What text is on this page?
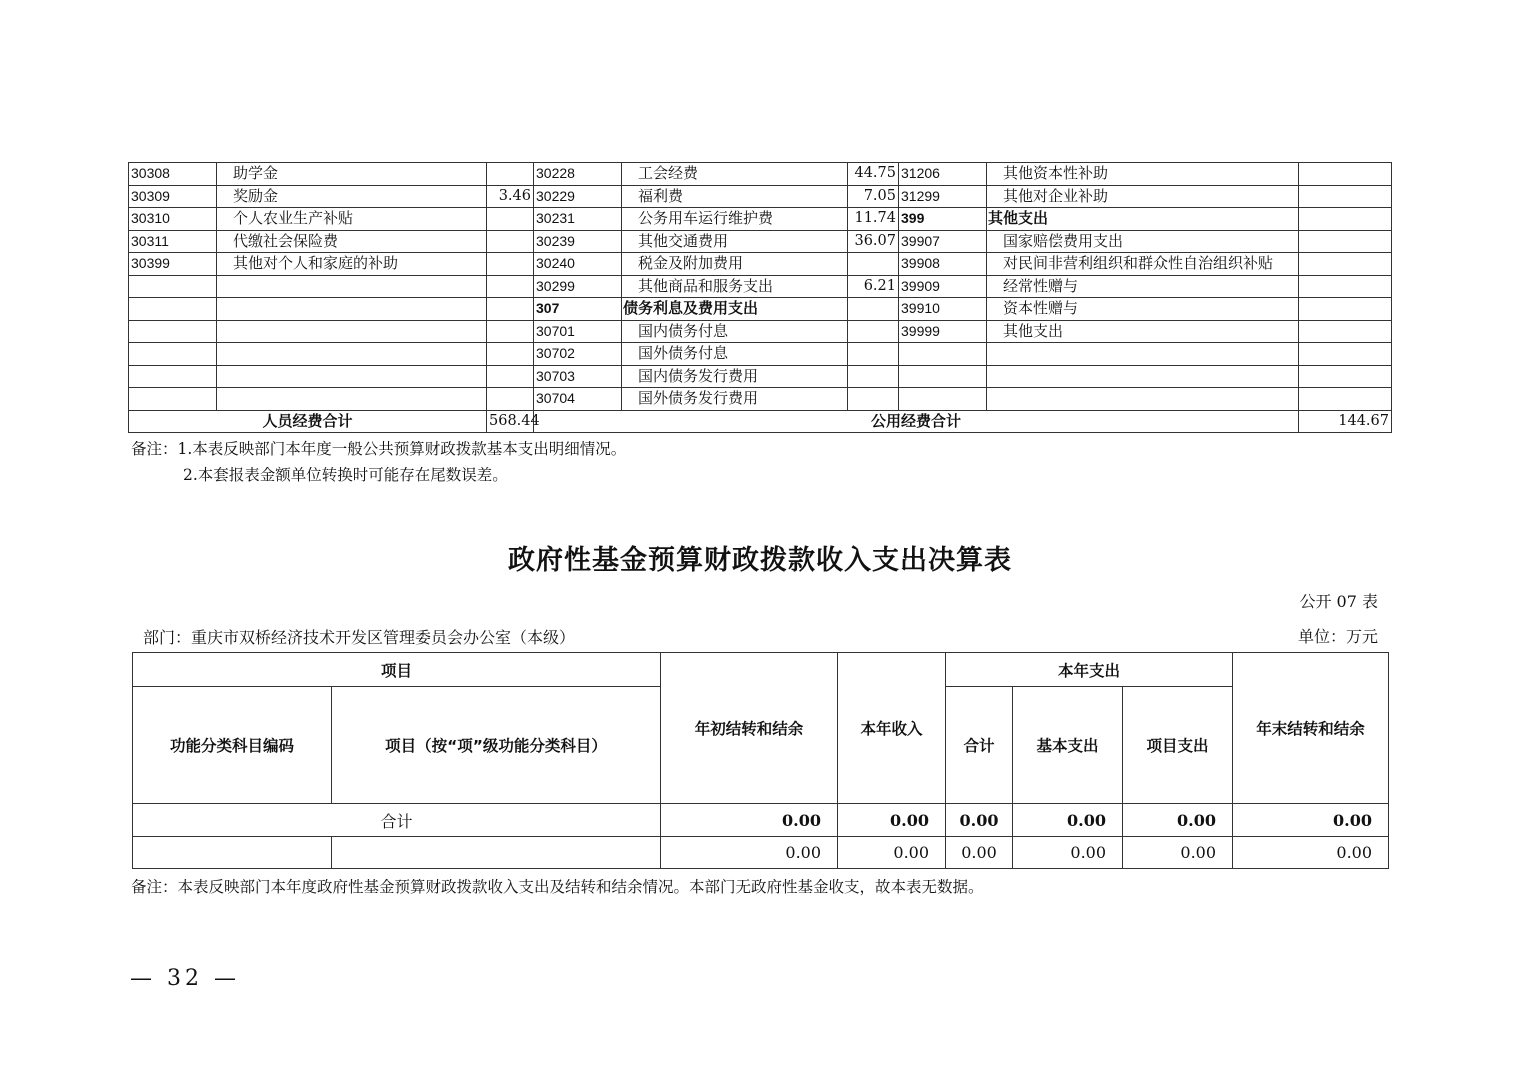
30308	助学金		30228	工会经费	44.75	31206	其他资本性补助	
30309	奖励金	3.46	30229	福利费	7.05	31299	其他对企业补助	
30310	个人农业生产补贴		30231	公务用车运行维护费	11.74	399	其他支出	
30311	代缴社会保险费		30239	其他交通费用	36.07	39907	国家赔偿费用支出	
30399	其他对个人和家庭的补助		30240	税金及附加费用		39908	对民间非营利组织和群众性自治组织补贴	
			30299	其他商品和服务支出	6.21	39909	经常性赠与	
			307	债务利息及费用支出		39910	资本性赠与	
			30701	国内债务付息		39999	其他支出	
			30702	国外债务付息				
			30703	国内债务发行费用				
			30704	国外债务发行费用				
人员经费合计		568.44	公用经费合计					144.67
备注：1.本表反映部门本年度一般公共预算财政拨款基本支出明细情况。
2.本套报表金额单位转换时可能存在尾数误差。
政府性基金预算财政拨款收入支出决算表
公开 07 表
部门：重庆市双桥经济技术开发区管理委员会办公室（本级）	单位：万元
项目		年初结转和结余	本年收入	本年支出			年末结转和结余
功能分类科目编码	项目（按“项”级功能分类科目）			合计	基本支出	项目支出	
合计		0.00	0.00	0.00	0.00	0.00	0.00
		0.00	0.00	0.00	0.00	0.00	0.00
备注：本表反映部门本年度政府性基金预算财政拨款收入支出及结转和结余情况。本部门无政府性基金收支，故本表无数据。
— 32 —
